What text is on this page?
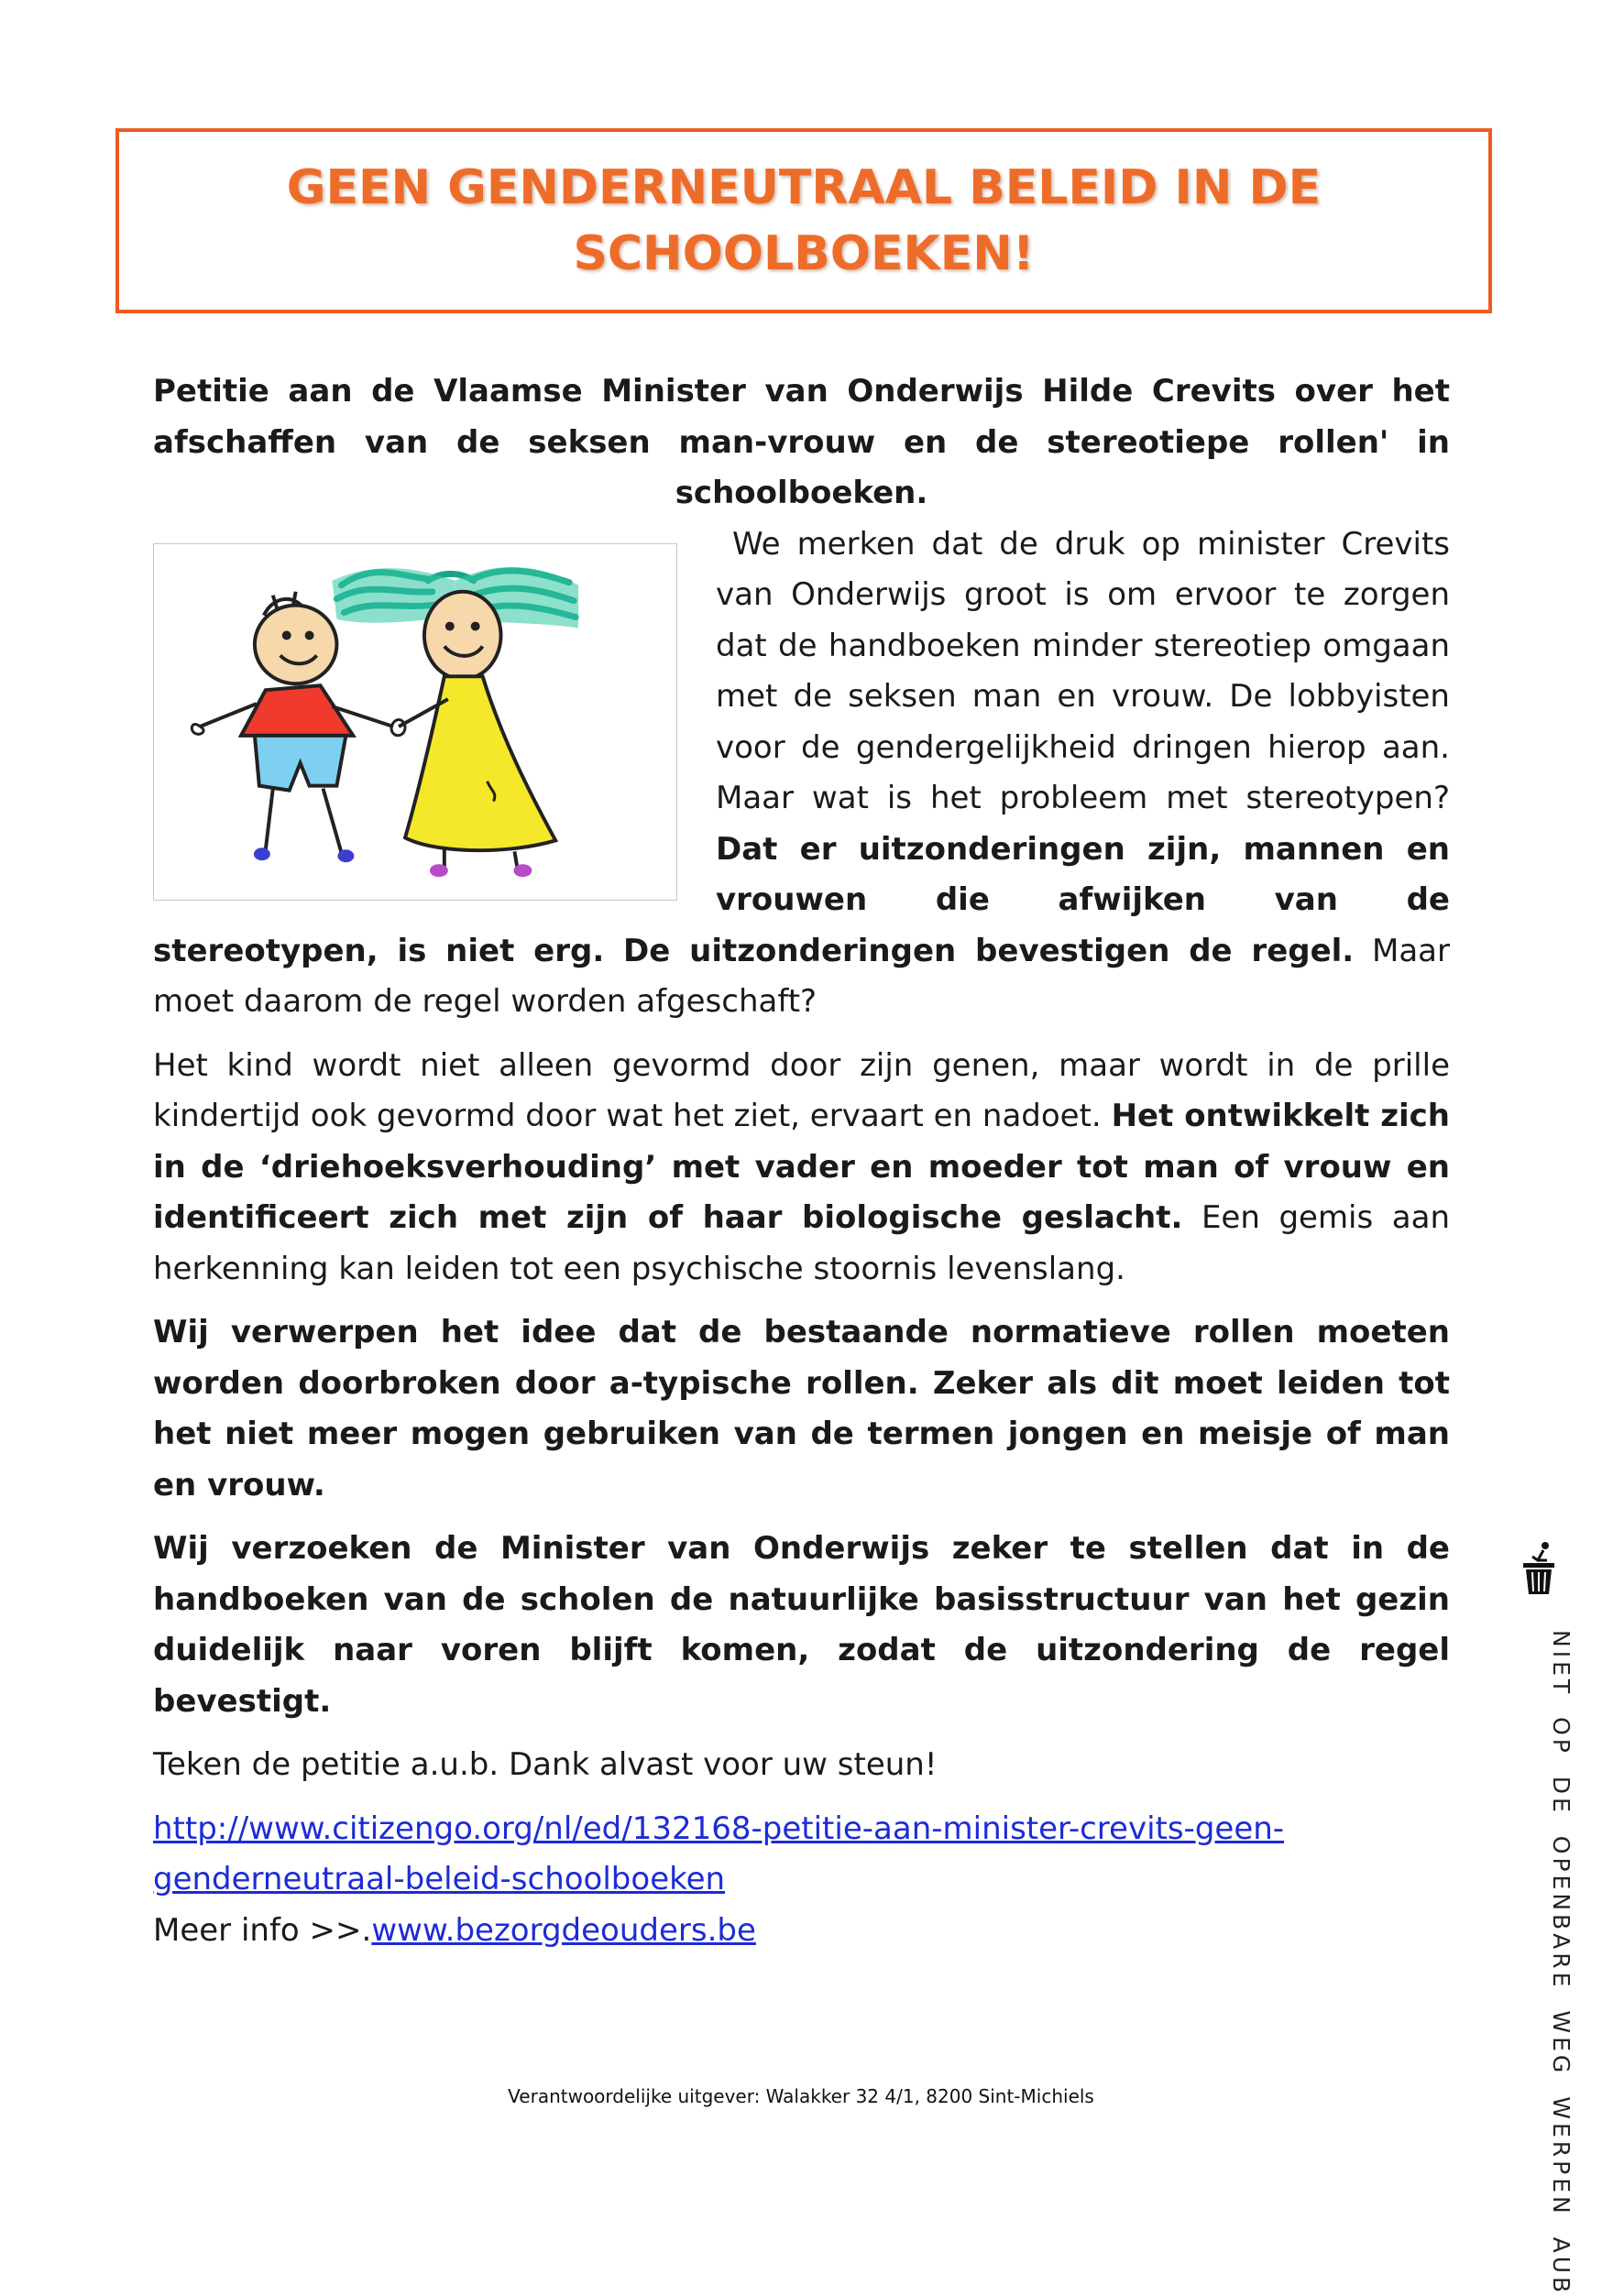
GEEN GENDERNEUTRAAL BELEID IN DE
SCHOOLBOEKEN!

Petitie aan de Vlaamse Minister van Onderwijs Hilde Crevits over het afschaffen van de seksen man-vrouw en de stereotiepe rollen' in schoolboeken.

We merken dat de druk op minister Crevits van Onderwijs groot is om ervoor te zorgen dat de handboeken minder stereotiep omgaan met de seksen man en vrouw. De lobbyisten voor de gendergelijkheid dringen hierop aan. Maar wat is het probleem met stereotypen? Dat er uitzonderingen zijn, mannen en vrouwen die afwijken van de stereotypen, is niet erg. De uitzonderingen bevestigen de regel. Maar moet daarom de regel worden afgeschaft?

Het kind wordt niet alleen gevormd door zijn genen, maar wordt in de prille kindertijd ook gevormd door wat het ziet, ervaart en nadoet. Het ontwikkelt zich in de ‘driehoeksverhouding’ met vader en moeder tot man of vrouw en identificeert zich met zijn of haar biologische geslacht. Een gemis aan herkenning kan leiden tot een psychische stoornis levenslang.

Wij verwerpen het idee dat de bestaande normatieve rollen moeten worden doorbroken door a-typische rollen. Zeker als dit moet leiden tot het niet meer mogen gebruiken van de termen jongen en meisje of man en vrouw.

Wij verzoeken de Minister van Onderwijs zeker te stellen dat in de handboeken van de scholen de natuurlijke basisstructuur van het gezin duidelijk naar voren blijft komen, zodat de uitzondering de regel bevestigt.

Teken de petitie a.u.b. Dank alvast voor uw steun!

http://www.citizengo.org/nl/ed/132168-petitie-aan-minister-crevits-geen-
genderneutraal-beleid-schoolboeken
Meer info >>.www.bezorgdeouders.be

Verantwoordelijke uitgever: Walakker 32 4/1, 8200 Sint-Michiels	NIET OP DE OPENBARE WEG WERPEN AUB
